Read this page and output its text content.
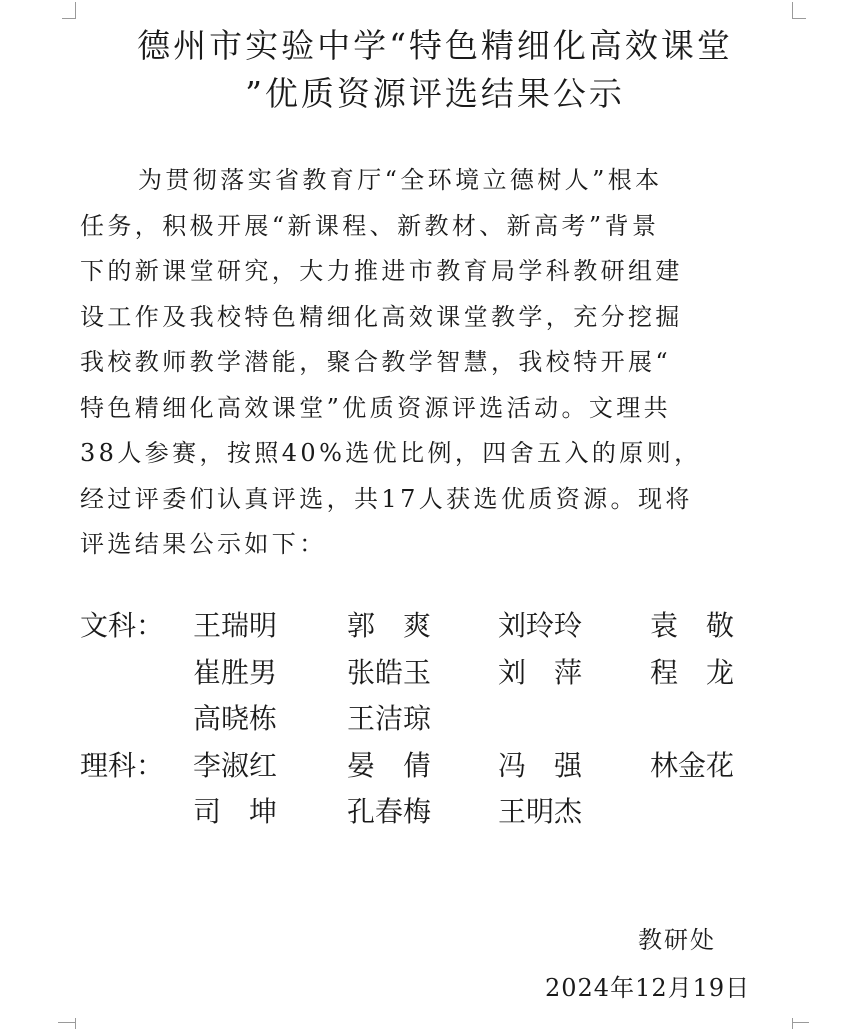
德州市实验中学“特色精细化高效课堂
”优质资源评选结果公示
为贯彻落实省教育厅“全环境立德树人”根本
任务，积极开展“新课程、新教材、新高考”背景
下的新课堂研究，大力推进市教育局学科教研组建
设工作及我校特色精细化高效课堂教学，充分挖掘
我校教师教学潜能，聚合教学智慧，我校特开展“
特色精细化高效课堂”优质资源评选活动。文理共
38人参赛，按照40%选优比例，四舍五入的原则，
经过评委们认真评选，共17人获选优质资源。现将
评选结果公示如下：
文科： 王瑞明 郭　爽 刘玲玲 袁　敬
崔胜男 张皓玉 刘　萍 程　龙
高晓栋 王洁琼
理科： 李淑红 晏　倩 冯　强 林金花
司　坤 孔春梅 王明杰
教研处
2024年12月19日
